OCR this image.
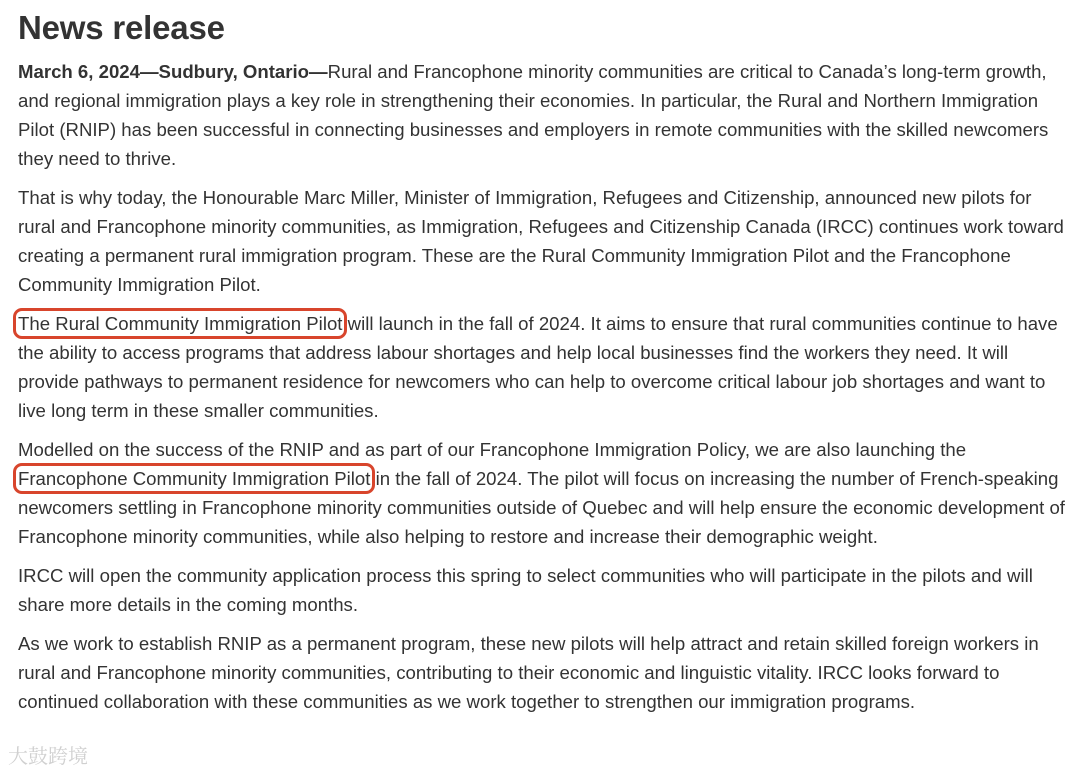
News release

March 6, 2024—Sudbury, Ontario—Rural and Francophone minority communities are critical to Canada’s long-term growth, and regional immigration plays a key role in strengthening their economies. In particular, the Rural and Northern Immigration Pilot (RNIP) has been successful in connecting businesses and employers in remote communities with the skilled newcomers they need to thrive.

That is why today, the Honourable Marc Miller, Minister of Immigration, Refugees and Citizenship, announced new pilots for rural and Francophone minority communities, as Immigration, Refugees and Citizenship Canada (IRCC) continues work toward creating a permanent rural immigration program. These are the Rural Community Immigration Pilot and the Francophone Community Immigration Pilot.

The Rural Community Immigration Pilot will launch in the fall of 2024. It aims to ensure that rural communities continue to have the ability to access programs that address labour shortages and help local businesses find the workers they need. It will provide pathways to permanent residence for newcomers who can help to overcome critical labour job shortages and want to live long term in these smaller communities.

Modelled on the success of the RNIP and as part of our Francophone Immigration Policy, we are also launching the Francophone Community Immigration Pilot in the fall of 2024. The pilot will focus on increasing the number of French-speaking newcomers settling in Francophone minority communities outside of Quebec and will help ensure the economic development of Francophone minority communities, while also helping to restore and increase their demographic weight.

IRCC will open the community application process this spring to select communities who will participate in the pilots and will share more details in the coming months.

As we work to establish RNIP as a permanent program, these new pilots will help attract and retain skilled foreign workers in rural and Francophone minority communities, contributing to their economic and linguistic vitality. IRCC looks forward to continued collaboration with these communities as we work together to strengthen our immigration programs.

大鼓跨境
